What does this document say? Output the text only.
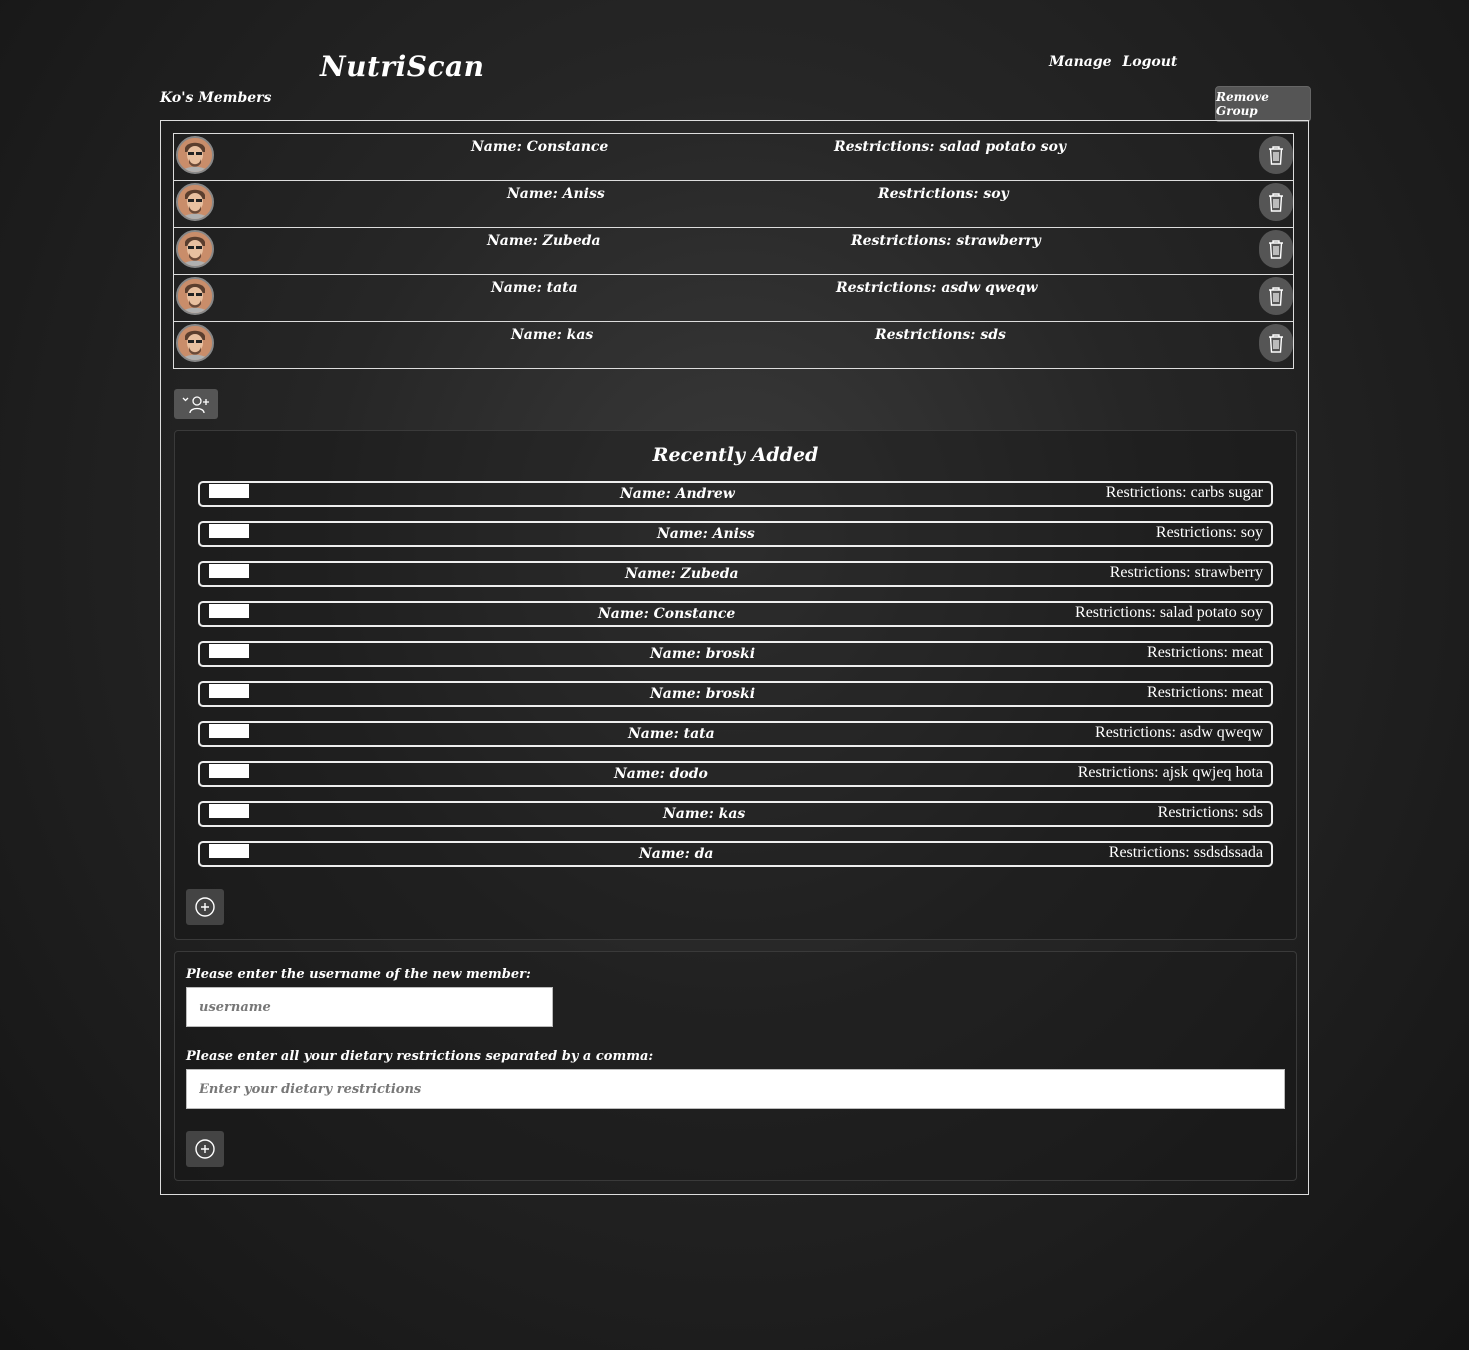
NutriScan	Manage Logout
Ko's Members	Remove Group
Name: Constance	Restrictions: salad potato soy
Name: Aniss	Restrictions: soy
Name: Zubeda	Restrictions: strawberry
Name: tata	Restrictions: asdw qweqw
Name: kas	Restrictions: sds
Recently Added
Name: Andrew	Restrictions: carbs sugar
Name: Aniss	Restrictions: soy
Name: Zubeda	Restrictions: strawberry
Name: Constance	Restrictions: salad potato soy
Name: broski	Restrictions: meat
Name: broski	Restrictions: meat
Name: tata	Restrictions: asdw qweqw
Name: dodo	Restrictions: ajsk qwjeq hota
Name: kas	Restrictions: sds
Name: da	Restrictions: ssdsdssada
Please enter the username of the new member:
username
Please enter all your dietary restrictions separated by a comma:
Enter your dietary restrictions
